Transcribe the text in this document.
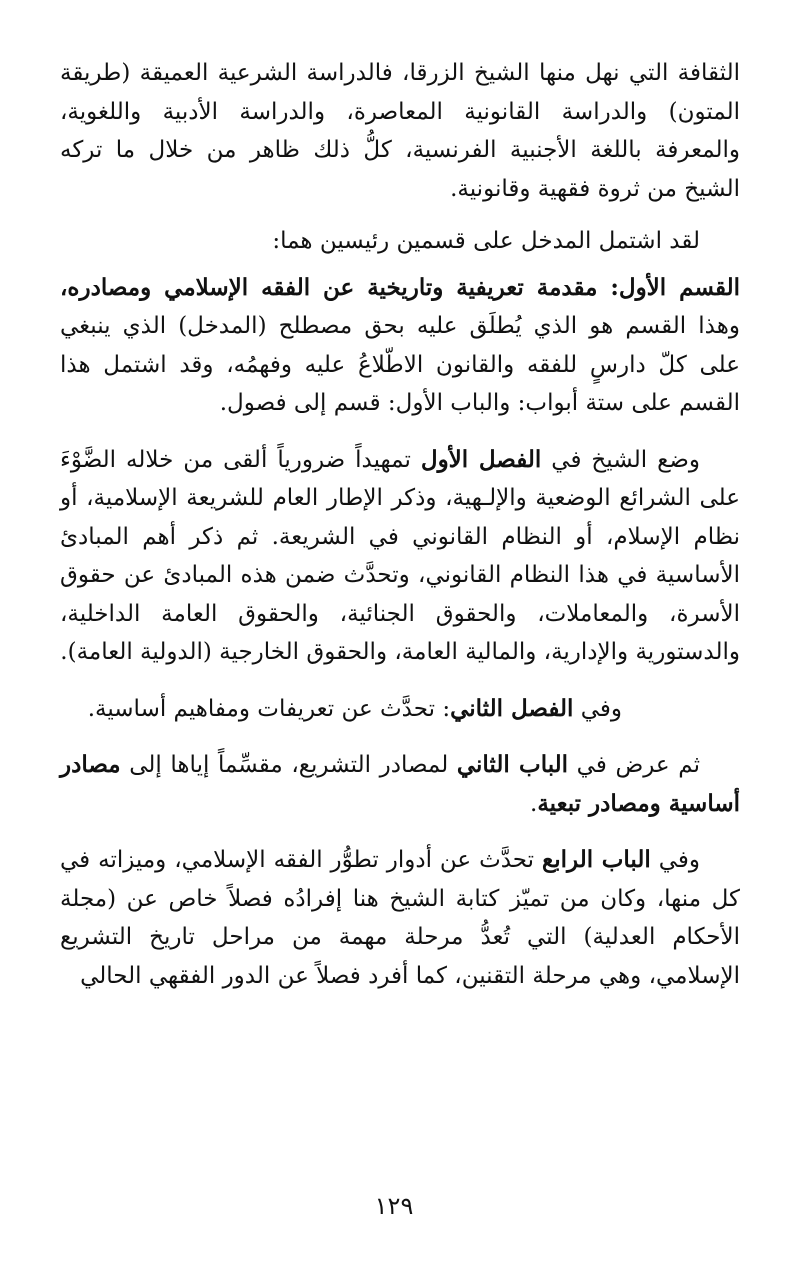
الثقافة التي نهل منها الشيخ الزرقا، فالدراسة الشرعية العميقة (طريقة المتون) والدراسة القانونية المعاصرة، والدراسة الأدبية واللغوية، والمعرفة باللغة الأجنبية الفرنسية، كلُّ ذلك ظاهر من خلال ما تركه الشيخ من ثروة فقهية وقانونية.

لقد اشتمل المدخل على قسمين رئيسين هما:

القسم الأول: مقدمة تعريفية وتاريخية عن الفقه الإسلامي ومصادره، وهذا القسم هو الذي يُطلَق عليه بحق مصطلح (المدخل) الذي ينبغي على كلّ دارسٍ للفقه والقانون الاطّلاعُ عليه وفهمُه، وقد اشتمل هذا القسم على ستة أبواب: والباب الأول: قسم إلى فصول.

وضع الشيخ في الفصل الأول تمهيداً ضرورياً ألقى من خلاله الضَّوْءَ على الشرائع الوضعية والإلـهية، وذكر الإطار العام للشريعة الإسلامية، أو نظام الإسلام، أو النظام القانوني في الشريعة. ثم ذكر أهم المبادئ الأساسية في هذا النظام القانوني، وتحدَّث ضمن هذه المبادئ عن حقوق الأسرة، والمعاملات، والحقوق الجنائية، والحقوق العامة الداخلية، والدستورية والإدارية، والمالية العامة، والحقوق الخارجية (الدولية العامة).

وفي الفصل الثاني: تحدَّث عن تعريفات ومفاهيم أساسية.

ثم عرض في الباب الثاني لمصادر التشريع، مقسِّماً إياها إلى مصادر أساسية ومصادر تبعية.

وفي الباب الرابع تحدَّث عن أدوار تطوُّر الفقه الإسلامي، وميزاته في كل منها، وكان من تميّز كتابة الشيخ هنا إفرادُه فصلاً خاص عن (مجلة الأحكام العدلية) التي تُعدُّ مرحلة مهمة من مراحل تاريخ التشريع الإسلامي، وهي مرحلة التقنين، كما أفرد فصلاً عن الدور الفقهي الحالي

١٢٩
